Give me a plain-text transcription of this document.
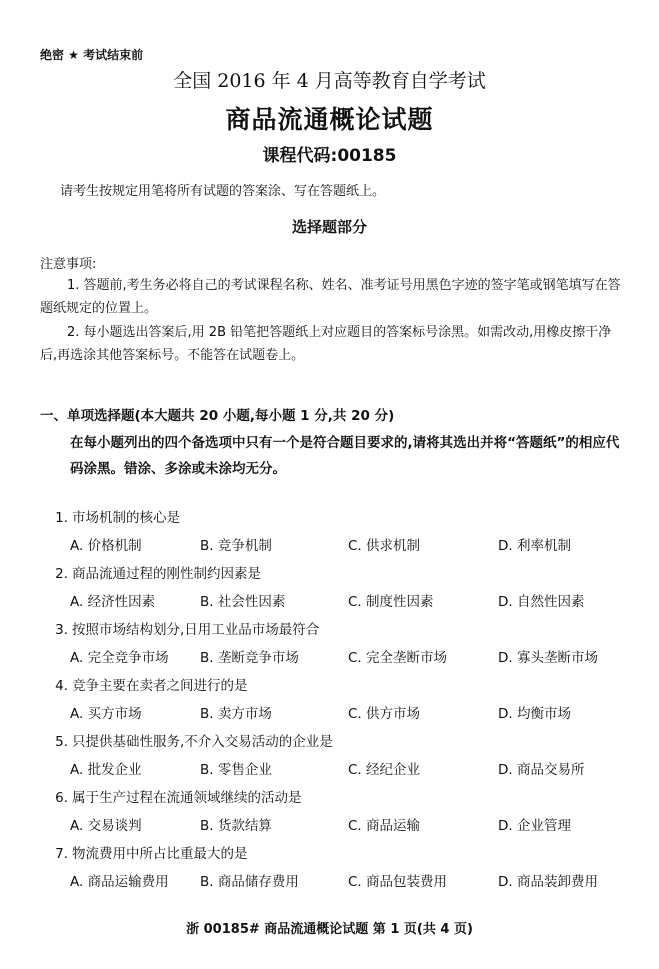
绝密 ★ 考试结束前
全国 2016 年 4 月高等教育自学考试
商品流通概论试题
课程代码:00185
请考生按规定用笔将所有试题的答案涂、写在答题纸上。
选择题部分
注意事项:
1. 答题前,考生务必将自己的考试课程名称、姓名、准考证号用黑色字迹的签字笔或钢笔填写在答题纸规定的位置上。
2. 每小题选出答案后,用 2B 铅笔把答题纸上对应题目的答案标号涂黑。如需改动,用橡皮擦干净后,再选涂其他答案标号。不能答在试题卷上。
一、单项选择题(本大题共 20 小题,每小题 1 分,共 20 分)
在每小题列出的四个备选项中只有一个是符合题目要求的,请将其选出并将“答题纸”的相应代码涂黑。错涂、多涂或未涂均无分。
1. 市场机制的核心是
A. 价格机制	B. 竞争机制	C. 供求机制	D. 利率机制
2. 商品流通过程的刚性制约因素是
A. 经济性因素	B. 社会性因素	C. 制度性因素	D. 自然性因素
3. 按照市场结构划分,日用工业品市场最符合
A. 完全竞争市场 B. 垄断竞争市场	C. 完全垄断市场	D. 寡头垄断市场
4. 竞争主要在卖者之间进行的是
A. 买方市场	B. 卖方市场	C. 供方市场	D. 均衡市场
5. 只提供基础性服务,不介入交易活动的企业是
A. 批发企业	B. 零售企业	C. 经纪企业	D. 商品交易所
6. 属于生产过程在流通领域继续的活动是
A. 交易谈判	B. 货款结算	C. 商品运输	D. 企业管理
7. 物流费用中所占比重最大的是
A. 商品运输费用 B. 商品储存费用	C. 商品包装费用	D. 商品装卸费用
浙 00185# 商品流通概论试题 第 1 页(共 4 页)
